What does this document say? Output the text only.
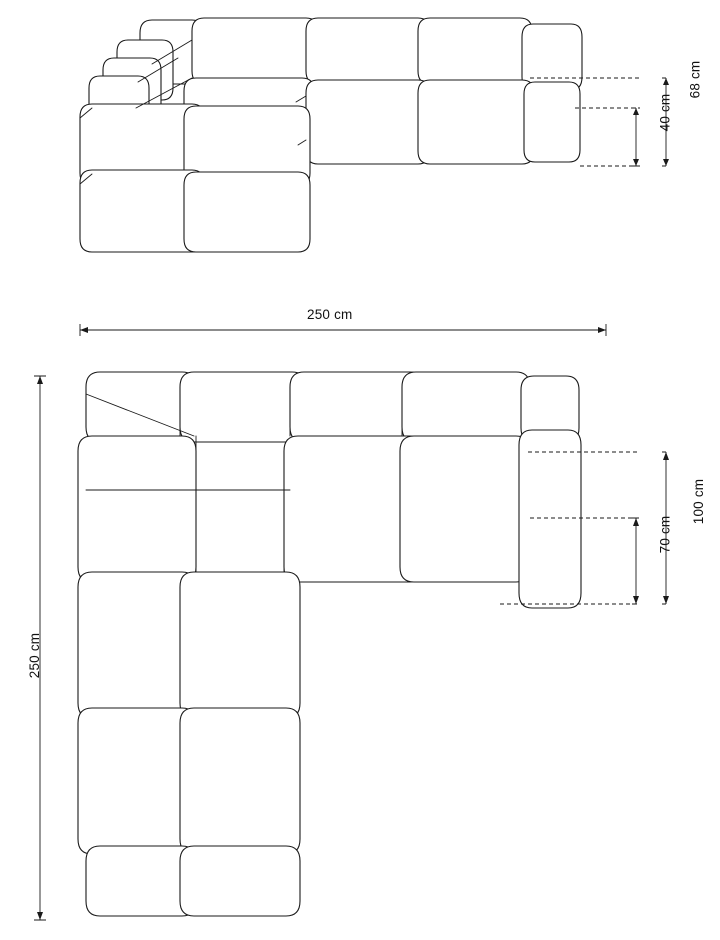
68 cm
40 cm
250 cm
100 cm
70 cm
250 cm
